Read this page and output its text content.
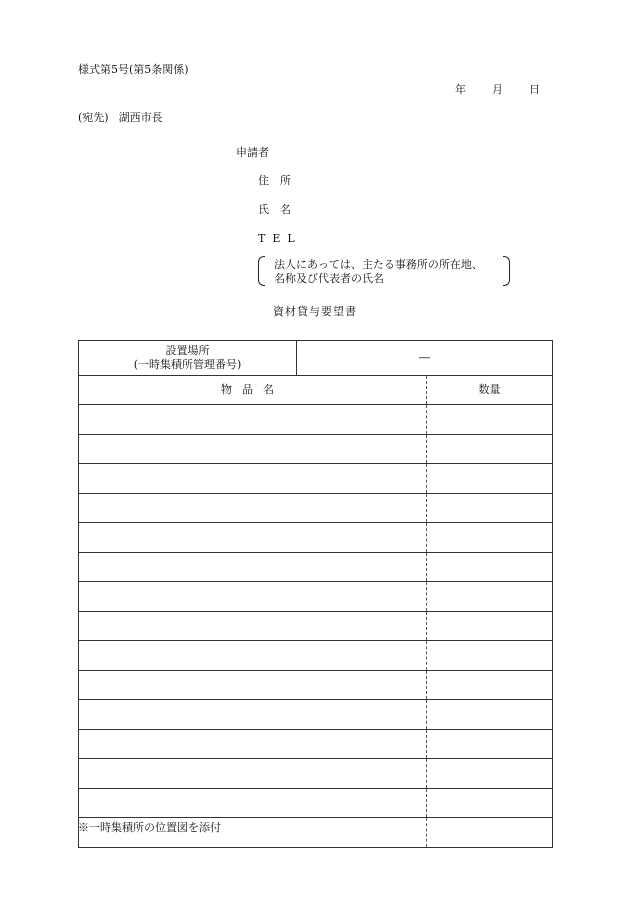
様式第5号(第5条関係)
年 月 日
(宛先) 湖西市長
申請者
住所
氏名
TEL
法人にあっては、主たる事務所の所在地、
名称及び代表者の氏名
資材貸与要望書
設置場所
(一時集積所管理番号)	―	
物品名		数量

※一時集積所の位置図を添付
